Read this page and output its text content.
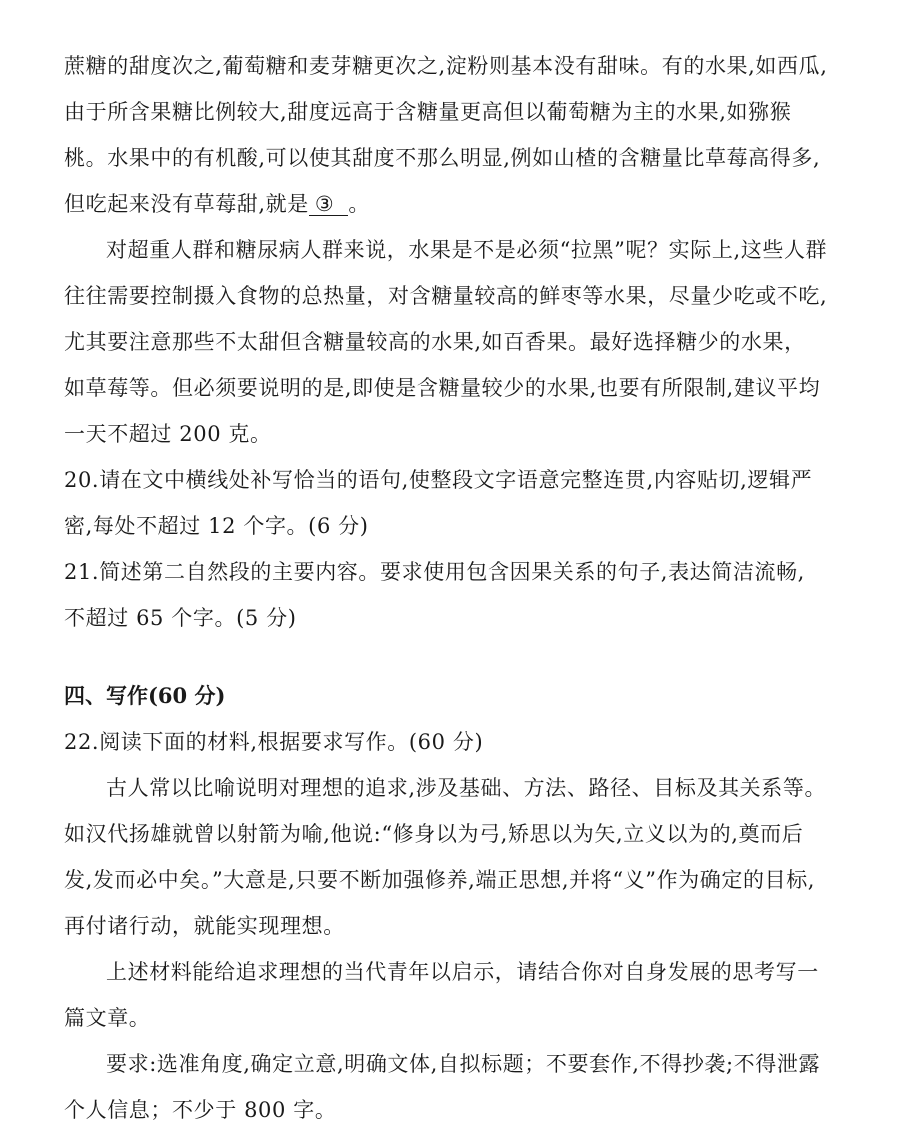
蔗糖的甜度次之,葡萄糖和麦芽糖更次之,淀粉则基本没有甜味。有的水果,如西瓜,
由于所含果糖比例较大,甜度远高于含糖量更高但以葡萄糖为主的水果,如猕猴
桃。水果中的有机酸,可以使其甜度不那么明显,例如山楂的含糖量比草莓高得多,
但吃起来没有草莓甜,就是 ③ 。
对超重人群和糖尿病人群来说，水果是不是必须“拉黑”呢？实际上,这些人群
往往需要控制摄入食物的总热量，对含糖量较高的鲜枣等水果，尽量少吃或不吃,
尤其要注意那些不太甜但含糖量较高的水果,如百香果。最好选择糖少的水果，
如草莓等。但必须要说明的是,即使是含糖量较少的水果,也要有所限制,建议平均
一天不超过 200 克。
20.请在文中横线处补写恰当的语句,使整段文字语意完整连贯,内容贴切,逻辑严
密,每处不超过 12 个字。(6 分)
21.简述第二自然段的主要内容。要求使用包含因果关系的句子,表达简洁流畅,
不超过 65 个字。(5 分)
四、写作(60 分)
22.阅读下面的材料,根据要求写作。(60 分)
古人常以比喻说明对理想的追求,涉及基础、方法、路径、目标及其关系等。
如汉代扬雄就曾以射箭为喻,他说:“修身以为弓,矫思以为矢,立义以为的,奠而后
发,发而必中矣。”大意是,只要不断加强修养,端正思想,并将“义”作为确定的目标,
再付诸行动，就能实现理想。
上述材料能给追求理想的当代青年以启示，请结合你对自身发展的思考写一
篇文章。
要求:选准角度,确定立意,明确文体,自拟标题；不要套作,不得抄袭;不得泄露
个人信息；不少于 800 字。
